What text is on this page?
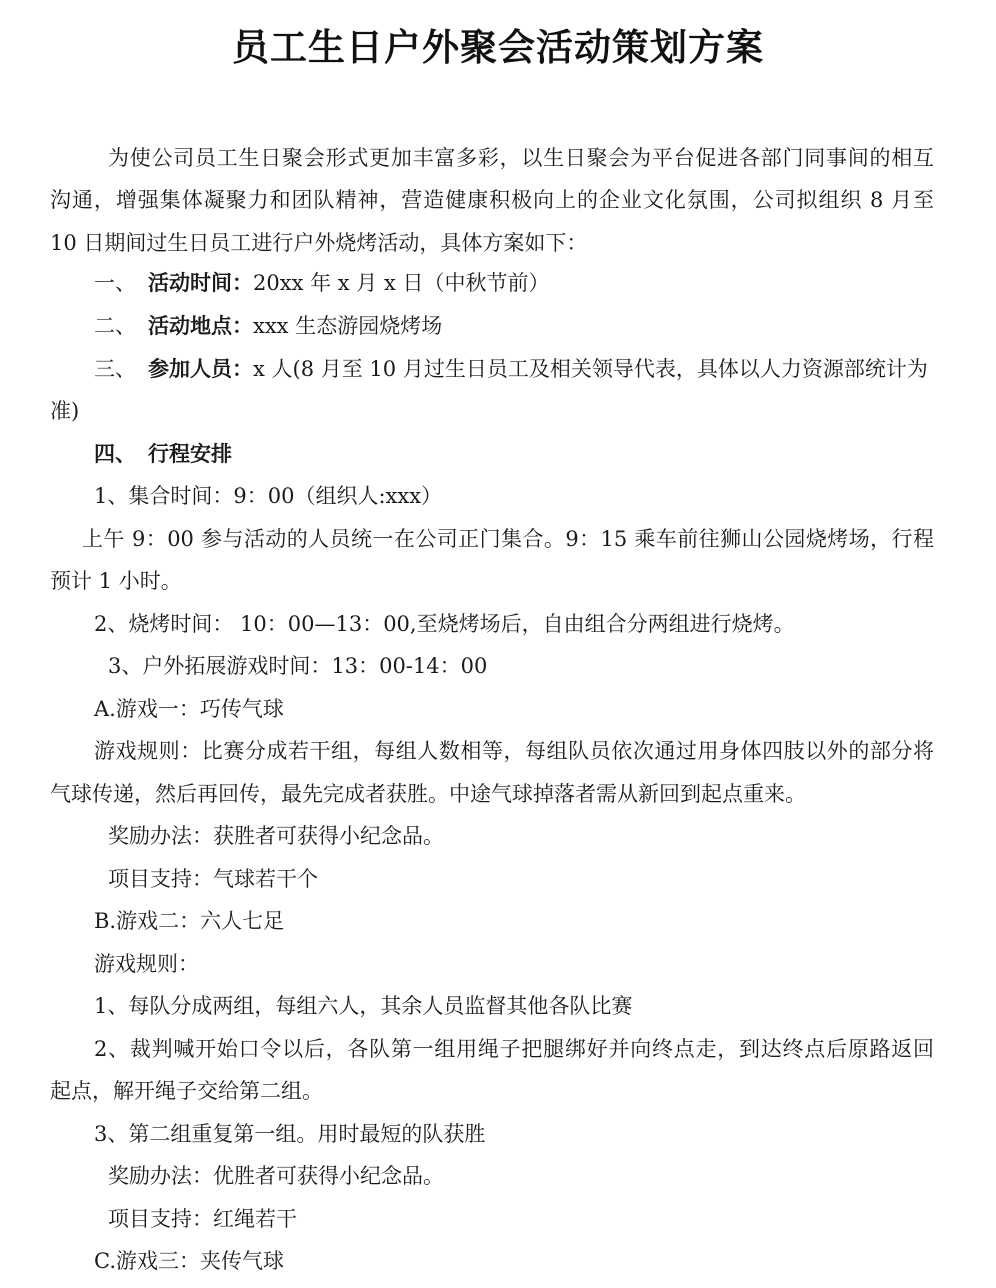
员工生日户外聚会活动策划方案
为使公司员工生日聚会形式更加丰富多彩，以生日聚会为平台促进各部门同事间的相互
沟通，增强集体凝聚力和团队精神，营造健康积极向上的企业文化氛围，公司拟组织 8 月至
10 日期间过生日员工进行户外烧烤活动，具体方案如下：
一、 活动时间：20xx 年 x 月 x 日（中秋节前）
二、 活动地点：xxx 生态游园烧烤场
三、 参加人员：x 人(8 月至 10 月过生日员工及相关领导代表，具体以人力资源部统计为
准)
四、 行程安排
1、集合时间：9：00（组织人:xxx）
上午 9：00 参与活动的人员统一在公司正门集合。9：15 乘车前往狮山公园烧烤场，行程
预计 1 小时。
2、烧烤时间： 10：00—13：00,至烧烤场后，自由组合分两组进行烧烤。
3、户外拓展游戏时间：13：00-14：00
A.游戏一：巧传气球
游戏规则：比赛分成若干组，每组人数相等，每组队员依次通过用身体四肢以外的部分将
气球传递，然后再回传，最先完成者获胜。中途气球掉落者需从新回到起点重来。
奖励办法：获胜者可获得小纪念品。
项目支持：气球若干个
B.游戏二：六人七足
游戏规则：
1、每队分成两组，每组六人，其余人员监督其他各队比赛
2、裁判喊开始口令以后，各队第一组用绳子把腿绑好并向终点走，到达终点后原路返回
起点，解开绳子交给第二组。
3、第二组重复第一组。用时最短的队获胜
奖励办法：优胜者可获得小纪念品。
项目支持：红绳若干
C.游戏三：夹传气球
